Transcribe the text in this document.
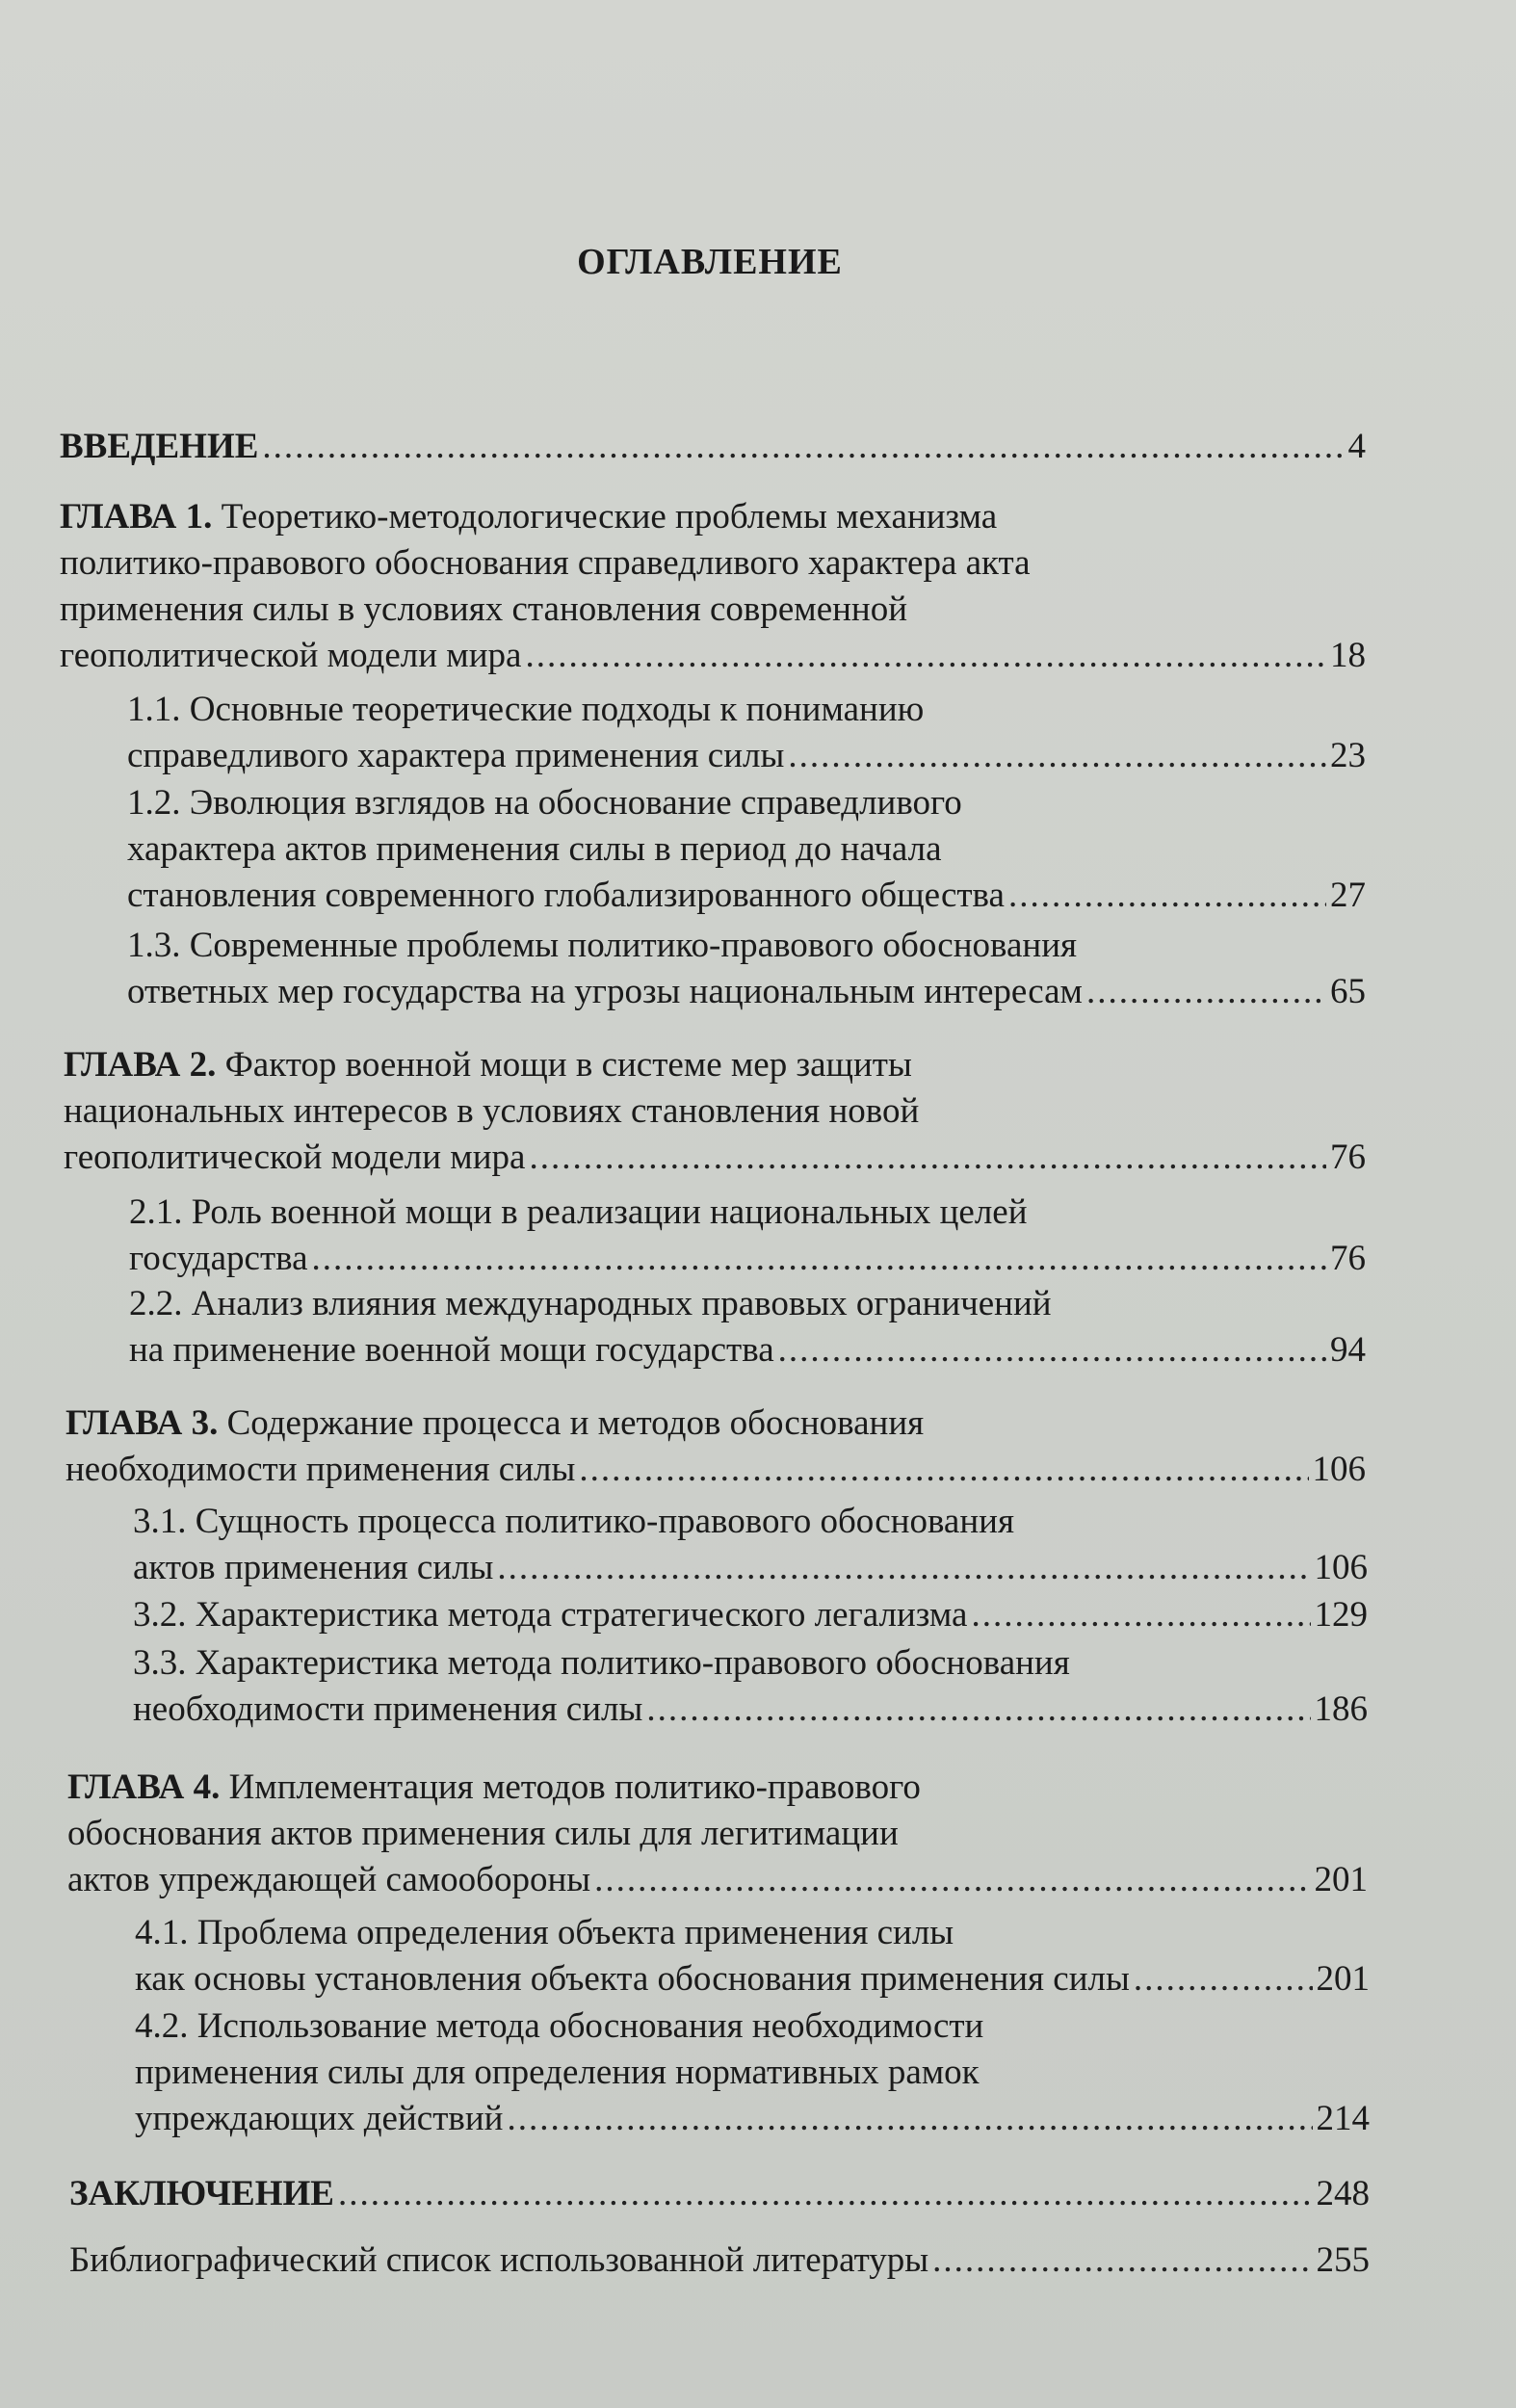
ОГЛАВЛЕНИЕ
ВВЕДЕНИЕ .....	4
ГЛАВА 1. Теоретико-методологические проблемы механизма
политико-правового обоснования справедливого характера акта
применения силы в условиях становления современной
геополитической модели мира .....	18
1.1. Основные теоретические подходы к пониманию
справедливого характера применения силы .....	23
1.2. Эволюция взглядов на обоснование справедливого
характера актов применения силы в период до начала
становления современного глобализированного общества .....	27
1.3. Современные проблемы политико-правового обоснования
ответных мер государства на угрозы национальным интересам .....	65
ГЛАВА 2. Фактор военной мощи в системе мер защиты
национальных интересов в условиях становления новой
геополитической модели мира .....	76
2.1. Роль военной мощи в реализации национальных целей
государства .....	76
2.2. Анализ влияния международных правовых ограничений
на применение военной мощи государства .....	94
ГЛАВА 3. Содержание процесса и методов обоснования
необходимости применения силы .....	106
3.1. Сущность процесса политико-правового обоснования
актов применения силы .....	106
3.2. Характеристика метода стратегического легализма .....	129
3.3. Характеристика метода политико-правового обоснования
необходимости применения силы .....	186
ГЛАВА 4. Имплементация методов политико-правового
обоснования актов применения силы для легитимации
актов упреждающей самообороны .....	201
4.1. Проблема определения объекта применения силы
как основы установления объекта обоснования применения силы .....	201
4.2. Использование метода обоснования необходимости
применения силы для определения нормативных рамок
упреждающих действий .....	214
ЗАКЛЮЧЕНИЕ .....	248
Библиографический список использованной литературы .....	255
